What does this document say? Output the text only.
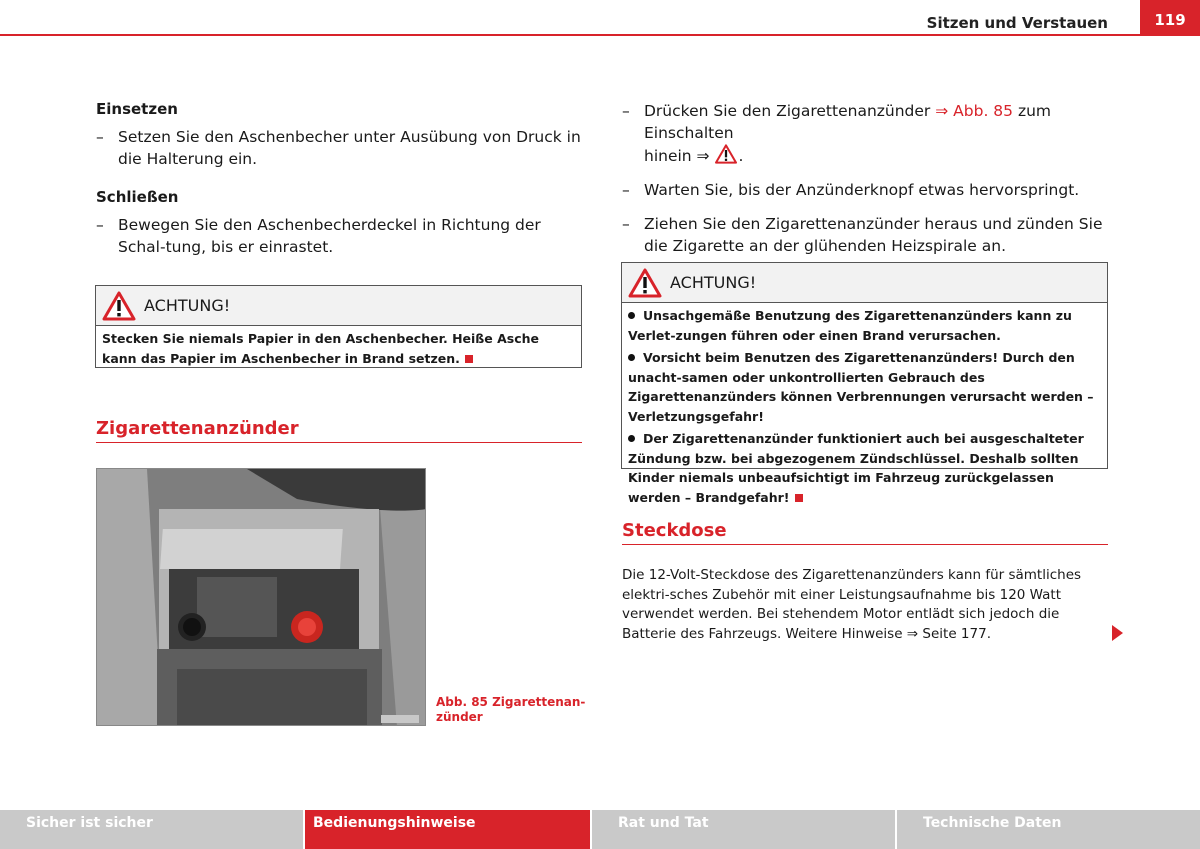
Sitzen und Verstauen	119
Einsetzen
– Setzen Sie den Aschenbecher unter Ausübung von Druck in die Halterung ein.
Schließen
– Bewegen Sie den Aschenbecherdeckel in Richtung der Schal-tung, bis er einrastet.
ACHTUNG!
Stecken Sie niemals Papier in den Aschenbecher. Heiße Asche kann das Papier im Aschenbecher in Brand setzen.
Zigarettenanzünder
Abb. 85 Zigarettenan-
zünder
– Drücken Sie den Zigarettenanzünder ⇒ Abb. 85 zum Einschalten
hinein ⇒ .
– Warten Sie, bis der Anzünderknopf etwas hervorspringt.
– Ziehen Sie den Zigarettenanzünder heraus und zünden Sie die Zigarette an der glühenden Heizspirale an.
ACHTUNG!
Unsachgemäße Benutzung des Zigarettenanzünders kann zu Verlet-zungen führen oder einen Brand verursachen.
Vorsicht beim Benutzen des Zigarettenanzünders! Durch den unacht-samen oder unkontrollierten Gebrauch des Zigarettenanzünders können Verbrennungen verursacht werden – Verletzungsgefahr!
Der Zigarettenanzünder funktioniert auch bei ausgeschalteter Zündung bzw. bei abgezogenem Zündschlüssel. Deshalb sollten Kinder niemals unbeaufsichtigt im Fahrzeug zurückgelassen werden – Brandgefahr!
Steckdose
Die 12-Volt-Steckdose des Zigarettenanzünders kann für sämtliches elektri-sches Zubehör mit einer Leistungsaufnahme bis 120 Watt verwendet werden. Bei stehendem Motor entlädt sich jedoch die Batterie des Fahrzeugs. Weitere Hinweise ⇒ Seite 177.
Sicher ist sicher	Bedienungshinweise	Rat und Tat	Technische Daten
